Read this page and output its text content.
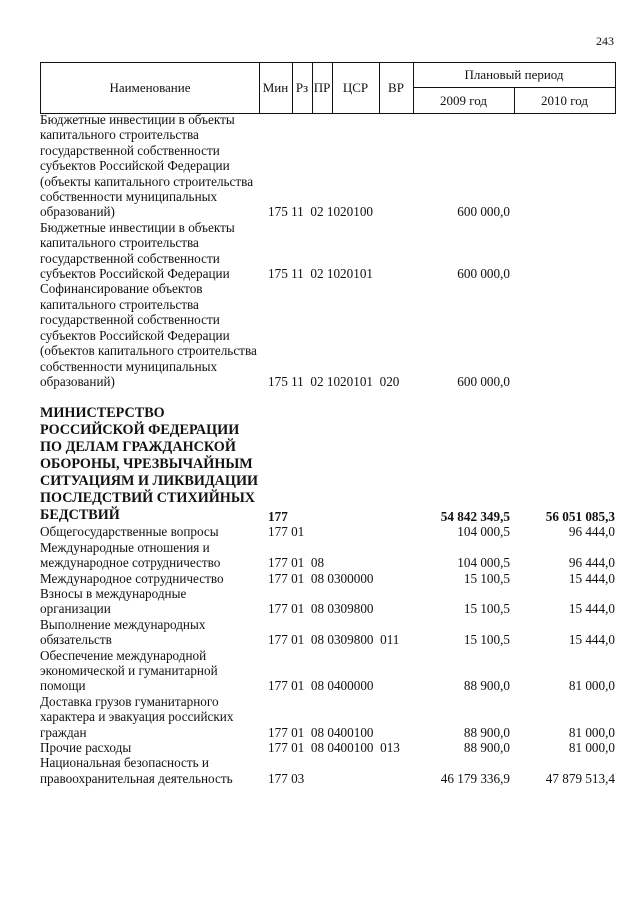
243
Наименование	Мин Рз ПР ЦСР	ВР
Плановый период
2009 год	2010 год
Бюджетные инвестиции в объекты капитального строительства государственной собственности субъектов Российской Федерации (объекты капитального строительства собственности муниципальных образований)	175 11  02 1020100	600 000,0
Бюджетные инвестиции в объекты капитального строительства государственной собственности субъектов Российской Федерации	175 11  02 1020101	600 000,0
Софинансирование объектов капитального строительства государственной собственности субъектов Российской Федерации (объектов капитального строительства собственности муниципальных образований)	175 11  02 1020101  020	600 000,0
МИНИСТЕРСТВО РОССИЙСКОЙ ФЕДЕРАЦИИ ПО ДЕЛАМ ГРАЖДАНСКОЙ ОБОРОНЫ, ЧРЕЗВЫЧАЙНЫМ СИТУАЦИЯМ И ЛИКВИДАЦИИ ПОСЛЕДСТВИЙ СТИХИЙНЫХ БЕДСТВИЙ	177	54 842 349,5	56 051 085,3
Общегосударственные вопросы	177 01	104 000,5	96 444,0
Международные отношения и международное сотрудничество	177 01  08	104 000,5	96 444,0
Международное сотрудничество	177 01  08 0300000	15 100,5	15 444,0
Взносы в международные организации	177 01  08 0309800	15 100,5	15 444,0
Выполнение международных обязательств	177 01  08 0309800  011	15 100,5	15 444,0
Обеспечение международной экономической и гуманитарной помощи	177 01  08 0400000	88 900,0	81 000,0
Доставка грузов гуманитарного характера и эвакуация российских граждан	177 01  08 0400100	88 900,0	81 000,0
Прочие расходы	177 01  08 0400100  013	88 900,0	81 000,0
Национальная безопасность и правоохранительная деятельность	177 03	46 179 336,9	47 879 513,4
